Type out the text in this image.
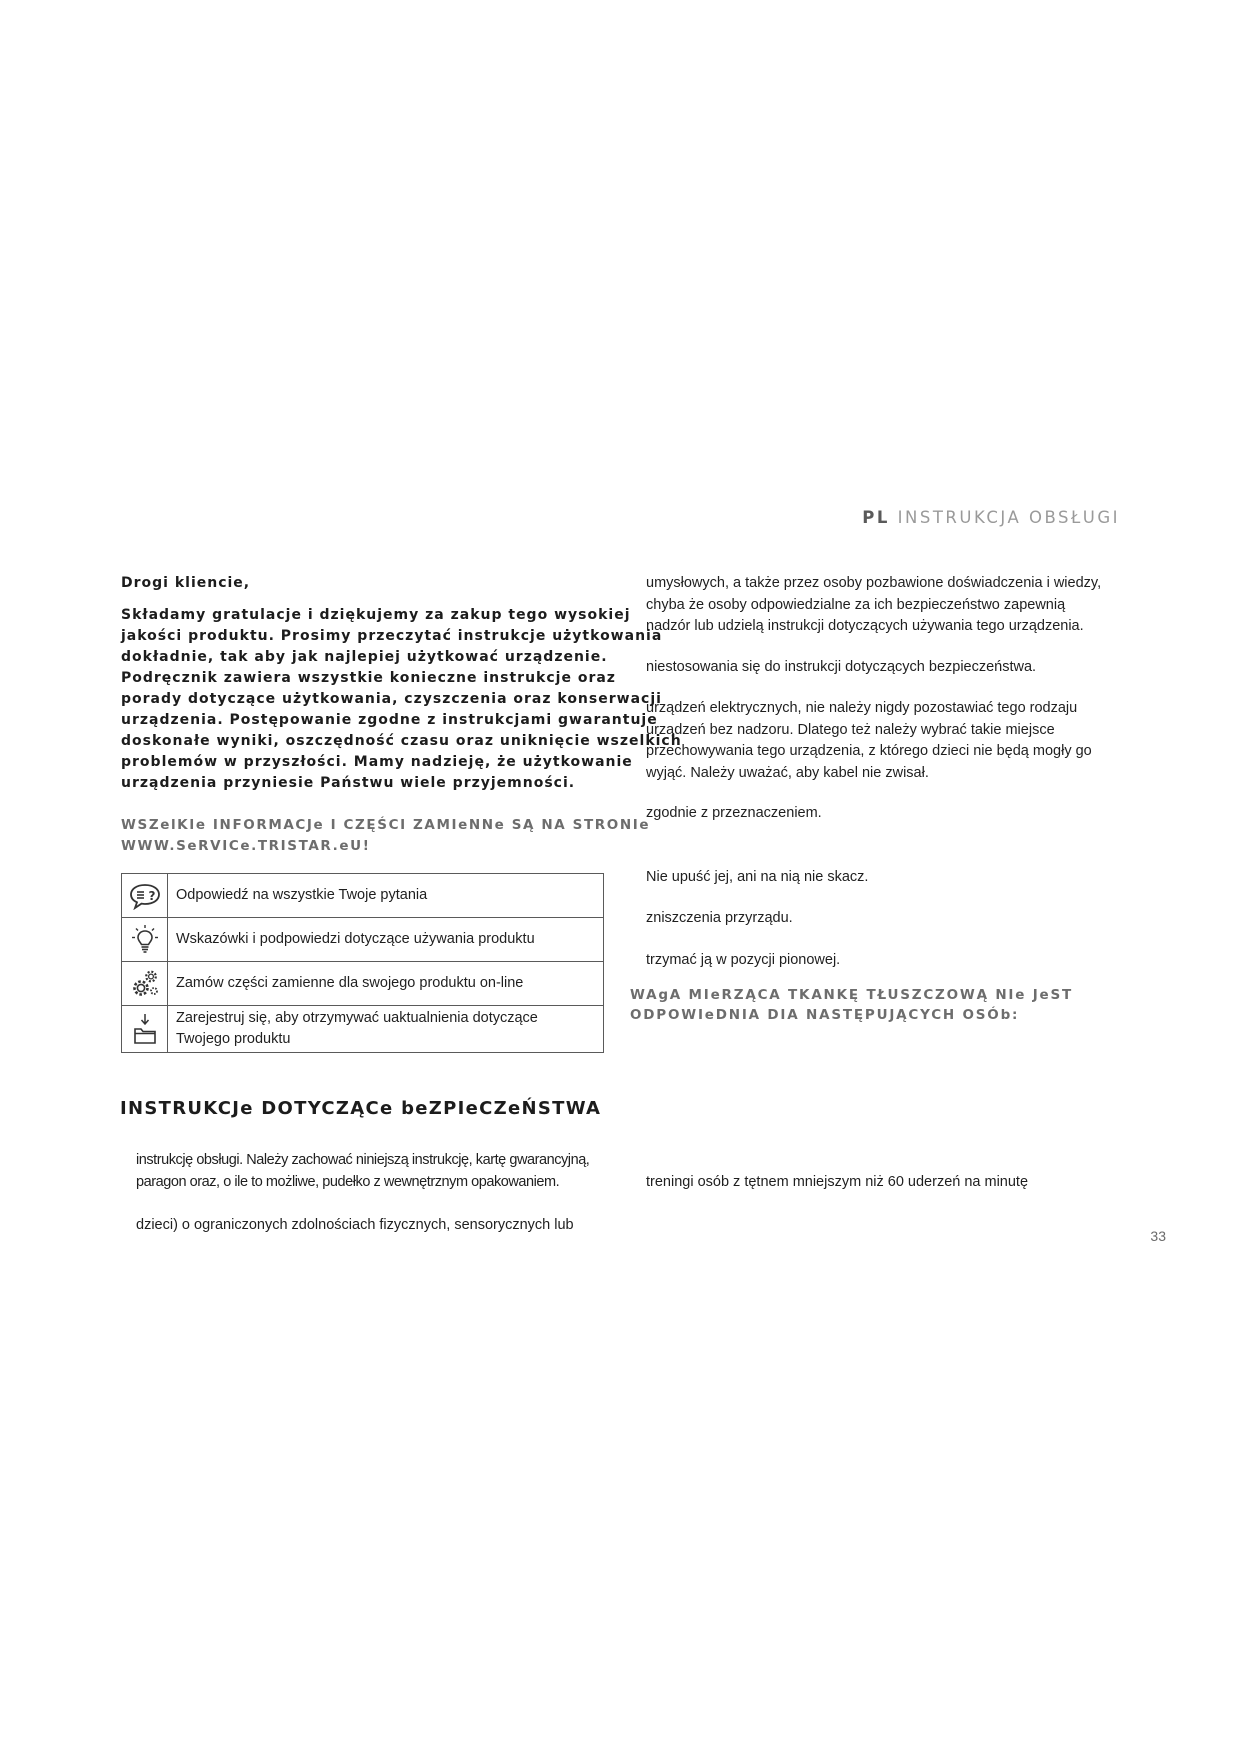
PL INSTRUKCJA OBSŁUGI
Drogi kliencie,
Składamy gratulacje i dziękujemy za zakup tego wysokiej
jakości produktu. Prosimy przeczytać instrukcje użytkowania
dokładnie, tak aby jak najlepiej użytkować urządzenie.
Podręcznik zawiera wszystkie konieczne instrukcje oraz
porady dotyczące użytkowania, czyszczenia oraz konserwacji
urządzenia. Postępowanie zgodne z instrukcjami gwarantuje
doskonałe wyniki, oszczędność czasu oraz uniknięcie wszelkich
problemów w przyszłości. Mamy nadzieję, że użytkowanie
urządzenia przyniesie Państwu wiele przyjemności.
WSZelKIe INFORMACJe I CZĘŚCI ZAMIeNNe SĄ NA STRONIe
WWW.SeRVICe.TRISTAR.eU!
? Odpowiedź na wszystkie Twoje pytania
Wskazówki i podpowiedzi dotyczące używania produktu
Zamów części zamienne dla swojego produktu on-line
Zarejestruj się, aby otrzymywać uaktualnienia dotyczące
Twojego produktu
INSTRUKCJe DOTYCZĄCe beZPIeCZeŃSTWA
instrukcję obsługi. Należy zachować niniejszą instrukcję, kartę gwarancyjną,
paragon oraz, o ile to możliwe, pudełko z wewnętrznym opakowaniem.
dzieci) o ograniczonych zdolnościach fizycznych, sensorycznych lub
umysłowych, a także przez osoby pozbawione doświadczenia i wiedzy,
chyba że osoby odpowiedzialne za ich bezpieczeństwo zapewnią
nadzór lub udzielą instrukcji dotyczących używania tego urządzenia.
niestosowania się do instrukcji dotyczących bezpieczeństwa.
urządzeń elektrycznych, nie należy nigdy pozostawiać tego rodzaju
urządzeń bez nadzoru. Dlatego też należy wybrać takie miejsce
przechowywania tego urządzenia, z którego dzieci nie będą mogły go
wyjąć. Należy uważać, aby kabel nie zwisał.
zgodnie z przeznaczeniem.
Nie upuść jej, ani na nią nie skacz.
zniszczenia przyrządu.
trzymać ją w pozycji pionowej.
WAgA MIeRZĄCA TKANKĘ TŁUSZCZOWĄ NIe JeST
ODPOWIeDNIA DIA NASTĘPUJĄCYCH OSÓb:
treningi osób z tętnem mniejszym niż 60 uderzeń na minutę
33
